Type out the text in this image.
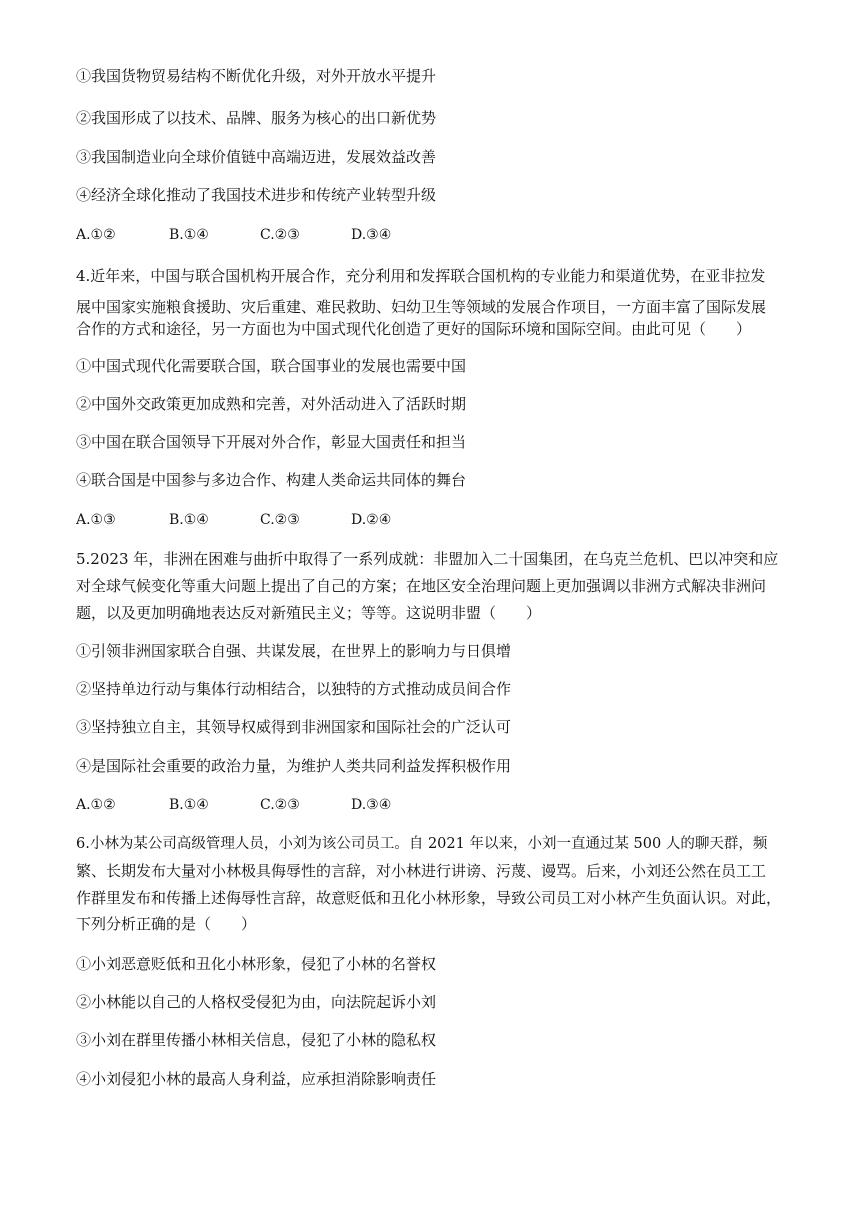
①我国货物贸易结构不断优化升级，对外开放水平提升
②我国形成了以技术、品牌、服务为核心的出口新优势
③我国制造业向全球价值链中高端迈进，发展效益改善
④经济全球化推动了我国技术进步和传统产业转型升级
A.①②	B.①④	C.②③	D.③④
4.近年来，中国与联合国机构开展合作，充分利用和发挥联合国机构的专业能力和渠道优势，在亚非拉发
展中国家实施粮食援助、灾后重建、难民救助、妇幼卫生等领域的发展合作项目，一方面丰富了国际发展
合作的方式和途径，另一方面也为中国式现代化创造了更好的国际环境和国际空间。由此可见（　　）
①中国式现代化需要联合国，联合国事业的发展也需要中国
②中国外交政策更加成熟和完善，对外活动进入了活跃时期
③中国在联合国领导下开展对外合作，彰显大国责任和担当
④联合国是中国参与多边合作、构建人类命运共同体的舞台
A.①③	B.①④	C.②③	D.②④
5.2023 年，非洲在困难与曲折中取得了一系列成就：非盟加入二十国集团，在乌克兰危机、巴以冲突和应
对全球气候变化等重大问题上提出了自己的方案；在地区安全治理问题上更加强调以非洲方式解决非洲问
题，以及更加明确地表达反对新殖民主义；等等。这说明非盟（　　）
①引领非洲国家联合自强、共谋发展，在世界上的影响力与日俱增
②坚持单边行动与集体行动相结合，以独特的方式推动成员间合作
③坚持独立自主，其领导权威得到非洲国家和国际社会的广泛认可
④是国际社会重要的政治力量，为维护人类共同利益发挥积极作用
A.①②	B.①④	C.②③	D.③④
6.小林为某公司高级管理人员，小刘为该公司员工。自 2021 年以来，小刘一直通过某 500 人的聊天群，频
繁、长期发布大量对小林极具侮辱性的言辞，对小林进行讲谤、污蔑、谩骂。后来，小刘还公然在员工工
作群里发布和传播上述侮辱性言辞，故意贬低和丑化小林形象，导致公司员工对小林产生负面认识。对此，
下列分析正确的是（　　）
①小刘恶意贬低和丑化小林形象，侵犯了小林的名誉权
②小林能以自己的人格权受侵犯为由，向法院起诉小刘
③小刘在群里传播小林相关信息，侵犯了小林的隐私权
④小刘侵犯小林的最高人身利益，应承担消除影响责任
